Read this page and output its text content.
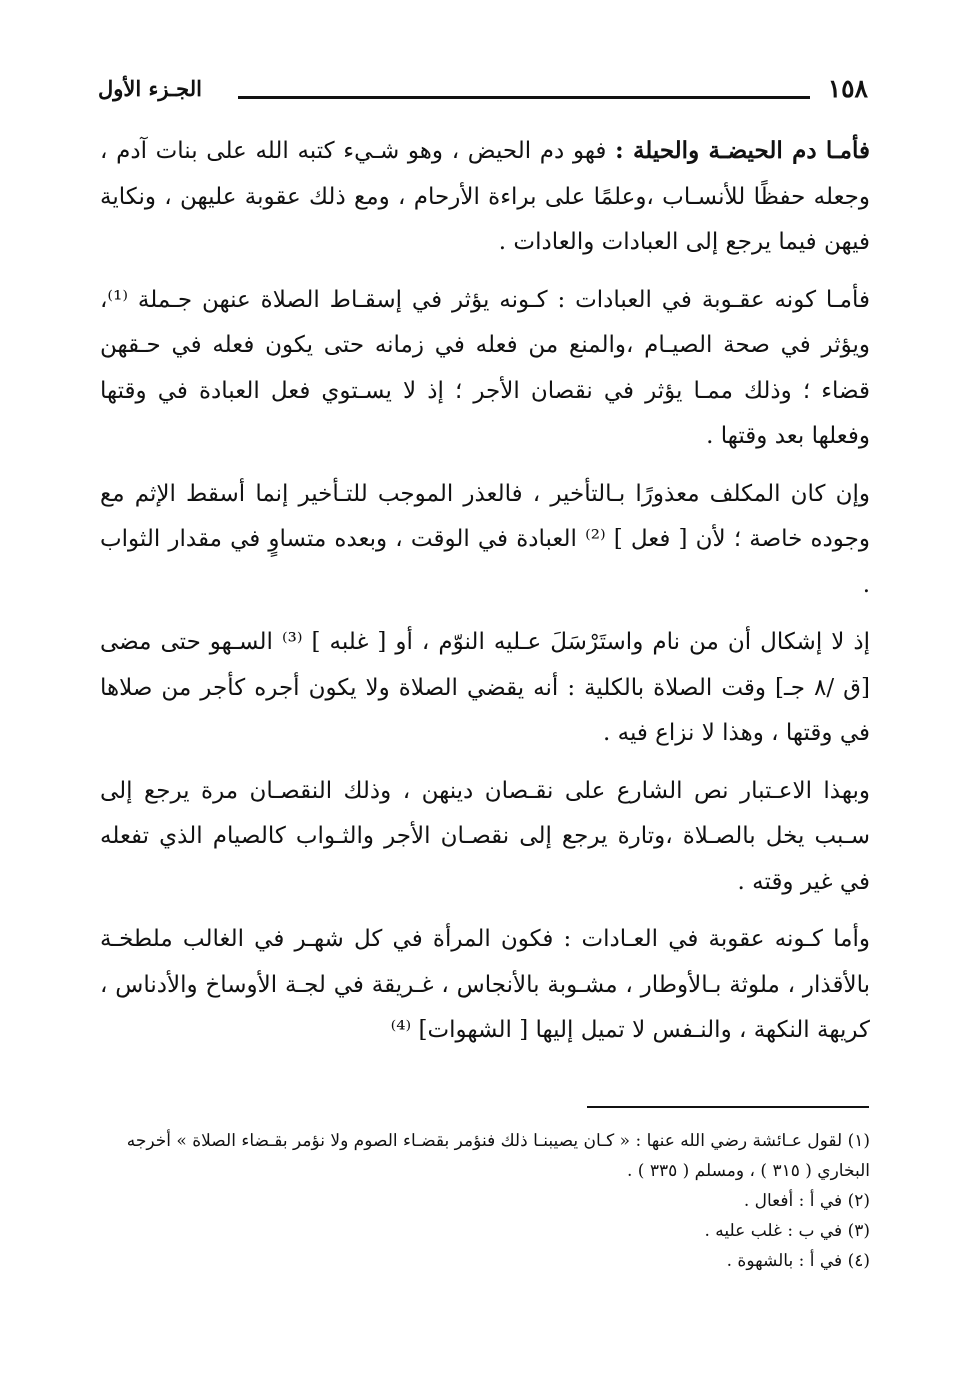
١٥٨
الجـزء الأول

فأمـا دم الحيضـة والحيلة : فهو دم الحيض ، وهو شـيء كتبه الله على بنات آدم ، وجعله حفظًا للأنسـاب ،وعلمًا على براءة الأرحام ، ومع ذلك عقوبة عليهن ، ونكاية فيهن فيما يرجع إلى العبادات والعادات .

فأمـا كونه عقـوبة في العبادات : كـونه يؤثر في إسقـاط الصلاة عنهن جـملة ⁽¹⁾، ويؤثر في صحة الصيـام ،والمنع من فعله في زمانه حتى يكون فعله في حـقهن قضاء ؛ وذلك ممـا يؤثر في نقصان الأجر ؛ إذ لا يسـتوي فعل العبادة في وقتها وفعلها بعد وقتها .

وإن كان المكلف معذورًا بـالتأخير ، فالعذر الموجب للتـأخير إنما أسقط الإثم مع وجوده خاصة ؛ لأن [ فعل ] ⁽²⁾ العبادة في الوقت ، وبعده متساوٍ في مقدار الثواب .

إذ لا إشكال أن من نام واستَرْسَلَ عـليه النوّم ، أو [ غلبه ] ⁽³⁾ السـهو حتى مضى [ق /٨ جـ] وقت الصلاة بالكلية : أنه يقضي الصلاة ولا يكون أجره كأجر من صلاها في وقتها ، وهذا لا نزاع فيه .

وبهذا الاعـتبار نص الشارع على نقـصان دينهن ، وذلك النقصـان مرة يرجع إلى سـبب يخل بالصـلاة ،وتارة يرجع إلى نقصـان الأجر والثـواب كالصيام الذي تفعله في غير وقته .

وأما كـونه عقوبة في العـادات : فكون المرأة في كل شهـر في الغالب ملطخـة بالأقذار ، ملوثة بـالأوطار ، مشـوبة بالأنجاس ، غـريقة في لجـة الأوساخ والأدناس ، كريهة النكهة ، والنـفس لا تميل إليها [ الشهوات] ⁽⁴⁾

(١) لقول عـائشة رضي الله عنها : « كـان يصيبنـا ذلك فنؤمر بقضـاء الصوم ولا نؤمر بقـضاء الصلاة » أخرجه البخاري ( ٣١٥ ) ، ومسلم ( ٣٣٥ ) .
(٢) في أ : أفعال .
(٣) في ب : غلب عليه .
(٤) في أ : بالشهوة .
